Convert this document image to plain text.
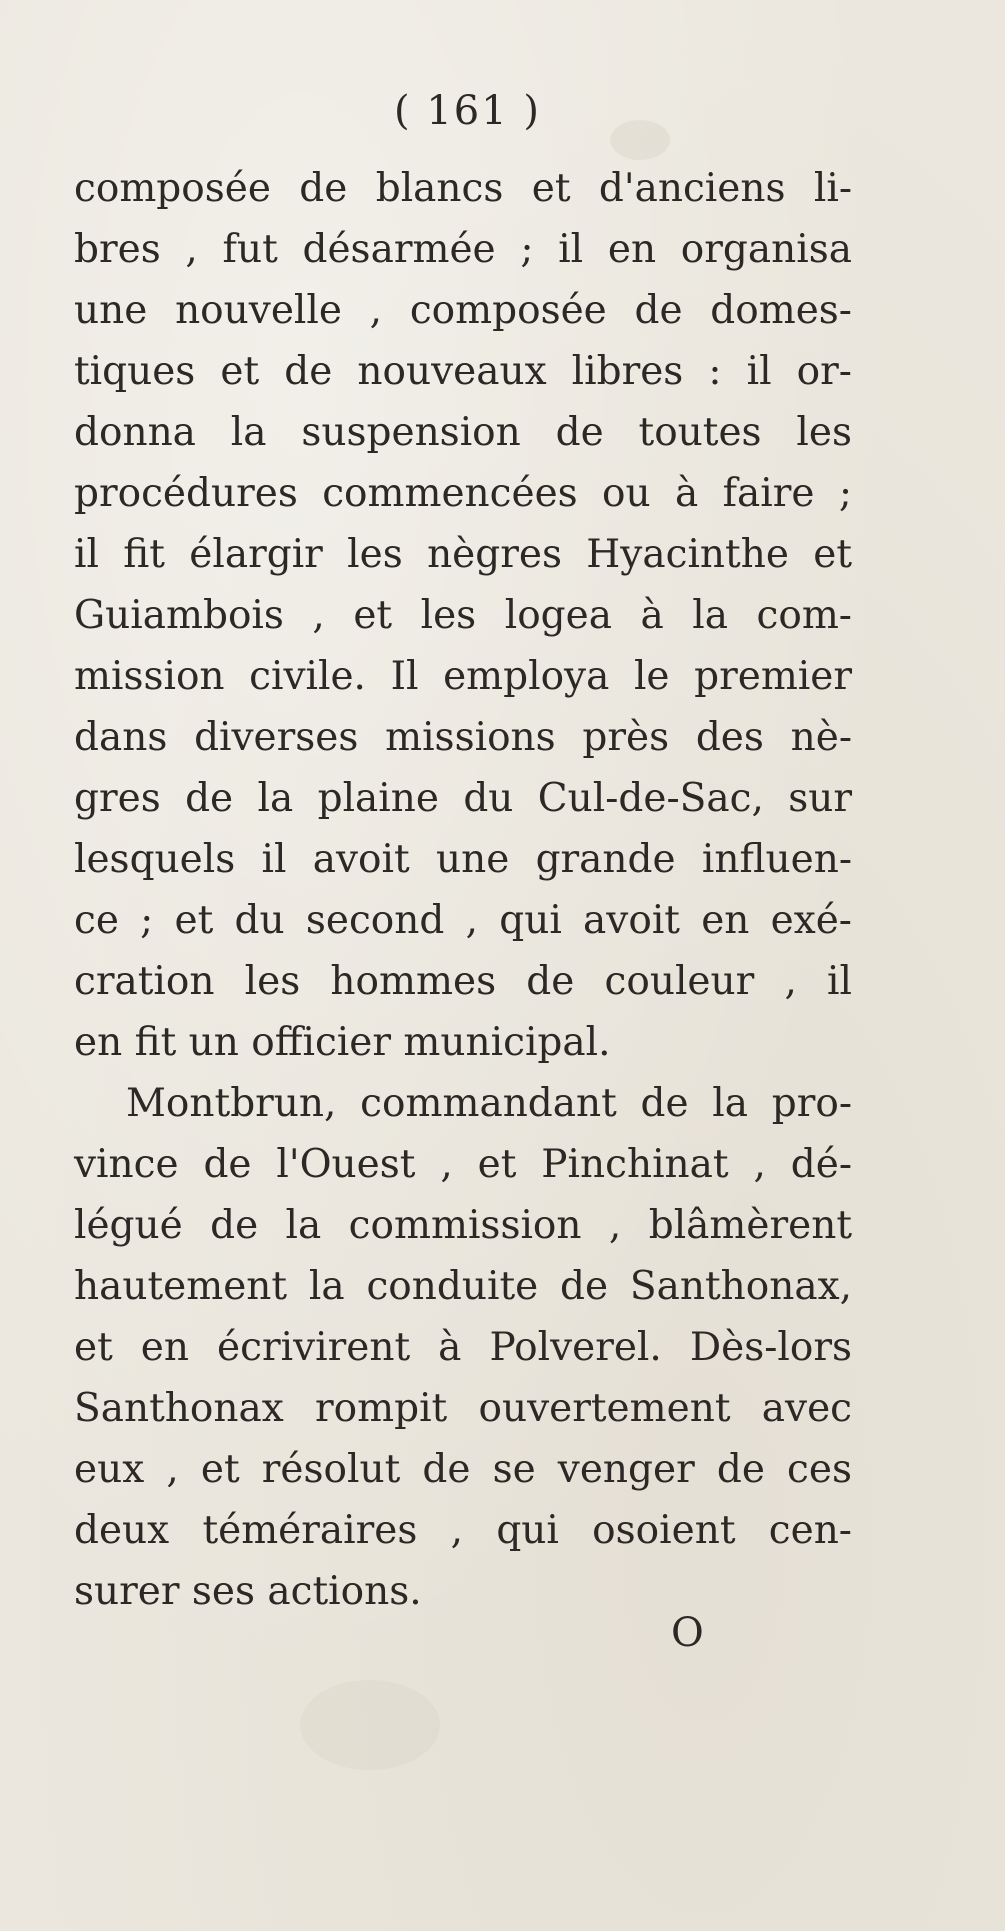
( 161 )
composée de blancs et d'anciens li-
bres , fut désarmée ; il en organisa
une nouvelle , composée de domes-
tiques et de nouveaux libres : il or-
donna la suspension de toutes les
procédures commencées ou à faire ;
il fit élargir les nègres Hyacinthe et
Guiambois , et les logea à la com-
mission civile. Il employa le premier
dans diverses missions près des nè-
gres de la plaine du Cul-de-Sac, sur
lesquels il avoit une grande influen-
ce ; et du second , qui avoit en exé-
cration les hommes de couleur , il
en fit un officier municipal.
Montbrun, commandant de la pro-
vince de l'Ouest , et Pinchinat , dé-
légué de la commission , blâmèrent
hautement la conduite de Santhonax,
et en écrivirent à Polverel. Dès-lors
Santhonax rompit ouvertement avec
eux , et résolut de se venger de ces
deux téméraires , qui osoient cen-
surer ses actions.
O
